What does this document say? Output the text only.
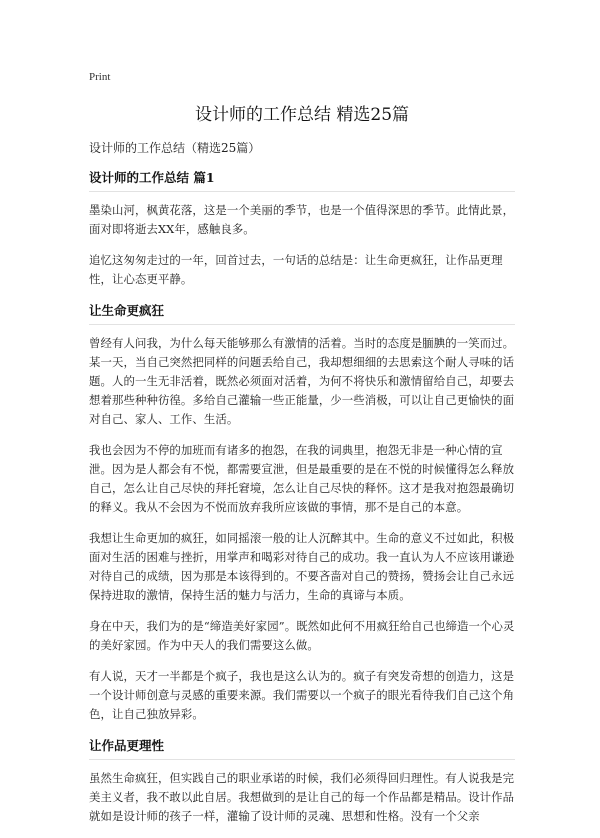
Print
设计师的工作总结 精选25篇
设计师的工作总结（精选25篇）
设计师的工作总结 篇1

墨染山河，枫黄花落，这是一个美丽的季节，也是一个值得深思的季节。此情此景，面对即将逝去XX年，感触良多。

追忆这匆匆走过的一年，回首过去，一句话的总结是：让生命更疯狂，让作品更理性，让心态更平静。

让生命更疯狂

曾经有人问我，为什么每天能够那么有激情的活着。当时的态度是腼腆的一笑而过。某一天，当自己突然把同样的问题丢给自己，我却想细细的去思索这个耐人寻味的话题。人的一生无非活着，既然必须面对活着，为何不将快乐和激情留给自己，却要去想着那些种种彷徨。多给自己灌输一些正能量，少一些消极，可以让自己更愉快的面对自己、家人、工作、生活。

我也会因为不停的加班而有诸多的抱怨，在我的词典里，抱怨无非是一种心情的宣泄。因为是人都会有不悦，都需要宣泄，但是最重要的是在不悦的时候懂得怎么释放自己，怎么让自己尽快的拜托窘境，怎么让自己尽快的释怀。这才是我对抱怨最确切的释义。我从不会因为不悦而放弃我所应该做的事情，那不是自己的本意。

我想让生命更加的疯狂，如同摇滚一般的让人沉醉其中。生命的意义不过如此，积极面对生活的困难与挫折，用掌声和喝彩对待自己的成功。我一直认为人不应该用谦逊对待自己的成绩，因为那是本该得到的。不要吝啬对自己的赞扬，赞扬会让自己永远保持进取的激情，保持生活的魅力与活力，生命的真谛与本质。

身在中天，我们为的是“缔造美好家园”。既然如此何不用疯狂给自己也缔造一个心灵的美好家园。作为中天人的我们需要这么做。

有人说，天才一半都是个疯子，我也是这么认为的。疯子有突发奇想的创造力，这是一个设计师创意与灵感的重要来源。我们需要以一个疯子的眼光看待我们自己这个角色，让自己独放异彩。

让作品更理性

虽然生命疯狂，但实践自己的职业承诺的时候，我们必须得回归理性。有人说我是完美主义者，我不敢以此自居。我想做到的是让自己的每一个作品都是精品。设计作品就如是设计师的孩子一样，灌输了设计师的灵魂、思想和性格。没有一个父亲
